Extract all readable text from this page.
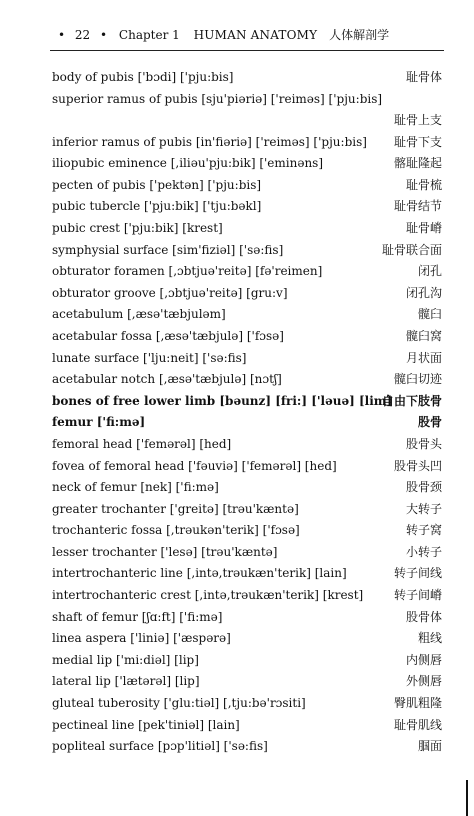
• 22 • Chapter 1 HUMAN ANATOMY 人体解剖学
body of pubis ['bɔdi] ['pju:bis]	耻骨体
superior ramus of pubis [sju'piəriə] ['reiməs] ['pju:bis]
耻骨上支
inferior ramus of pubis [in'fiəriə] ['reiməs] ['pju:bis] 耻骨下支
iliopubic eminence [,iliəu'pju:bik] ['eminəns]	髂耻隆起
pecten of pubis ['pektən] ['pju:bis]	耻骨梳
pubic tubercle ['pju:bik] ['tju:bəkl]	耻骨结节
pubic crest ['pju:bik] [krest]	耻骨嵴
symphysial surface [sim'fiziəl] ['sə:fis]	耻骨联合面
obturator foramen [,ɔbtjuə'reitə] [fə'reimen]	闭孔
obturator groove [,ɔbtjuə'reitə] [gru:v]	闭孔沟
acetabulum [,æsə'tæbjuləm]	髋臼
acetabular fossa [,æsə'tæbjulə] ['fɔsə]	髋臼窝
lunate surface ['lju:neit] ['sə:fis]	月状面
acetabular notch [,æsə'tæbjulə] [nɔtʃ]	髋臼切迹
bones of free lower limb [bəunz] [fri:] ['ləuə] [lim]
自由下肢骨
femur ['fi:mə]	股骨
femoral head ['femərəl] [hed]	股骨头
fovea of femoral head ['fəuviə] ['femərəl] [hed]	股骨头凹
neck of femur [nek] ['fi:mə]	股骨颈
greater trochanter ['greitə] [trəu'kæntə]	大转子
trochanteric fossa [,trəukən'terik] ['fɔsə]	转子窝
lesser trochanter ['lesə] [trəu'kæntə]	小转子
intertrochanteric line [,intə,trəukæn'terik] [lain]	转子间线
intertrochanteric crest [,intə,trəukæn'terik] [krest]	转子间嵴
shaft of femur [ʃɑ:ft] ['fi:mə]	股骨体
linea aspera ['liniə] ['æspərə]	粗线
medial lip ['mi:diəl] [lip]	内侧唇
lateral lip ['lætərəl] [lip]	外侧唇
gluteal tuberosity ['glu:tiəl] [,tju:bə'rɔsiti]	臀肌粗隆
pectineal line [pek'tiniəl] [lain]	耻骨肌线
popliteal surface [pɔp'litiəl] ['sə:fis]	腘面
